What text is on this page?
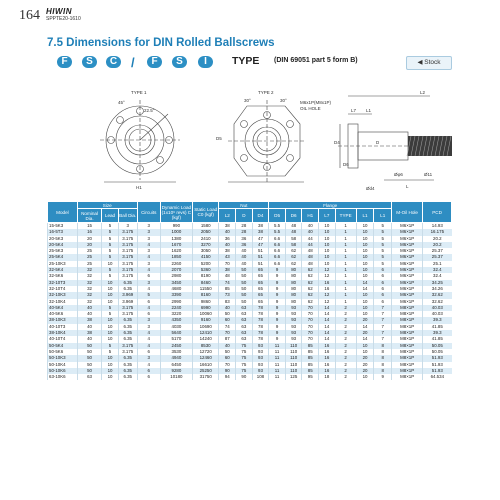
164 HIWIN
SPPTE20-1610
7.5 Dimensions for DIN Rolled Ballscrews
F	S	C /	F	S	I	TYPE (DIN 69051 part 5 form B)	◀ Stock
TYPE 1	TYPE 2
45°
22.5°
30°	30°	M6x1P(M8x1P)
OIL HOLE
L2
L7 L1
D4
D6
D5
L
H1
D
Ød4
Øφ6	Ø11
Model	Size			Circuits	Dynamic Load (1x10⁶ revs) C (kgf)	Static Load C0 (kgf)	Nut			Flange							M-Oil Hole	PCD
	Nominal Dia.	Lead	Ball Dia.				L2	D	D4	D5	D6	H1	L7	TYPE	L1	L1		
15-5K3	15	5	3	3	990	1580	38	28	38	5.5	48	40	10	1	10	5	M6×1P	14.93
16-5T3	16	5	3.175	3	1000	2050	40	28	38	5.5	48	40	10	1	10	5	M6×1P	16.175
20-5K3	20	5	3.175	3	1380	2410	36	36	47	6.6	58	44	10	1	10	5	M6×1P	20.2
20-5K4	20	5	3.175	4	1670	3270	40	36	47	6.6	58	44	10	1	10	5	M6×1P	20.2
25-5K3	25	5	3.175	3	1620	3050	38	40	51	6.6	62	48	10	1	10	5	M6×1P	25.37
25-5K4	25	5	3.175	4	1850	4150	43	40	51	6.6	62	48	10	1	10	5	M6×1P	25.37
25-10K3	25	10	3.175	3	2260	5200	70	40	51	6.6	62	48	10	1	10	5	M6×1P	25.1
32-5K4	32	5	3.175	4	2070	5360	38	50	65	9	80	62	12	1	10	6	M6×1P	32.4
32-5K6	32	5	3.175	6	2980	8190	48	50	65	9	80	62	12	1	10	6	M6×1P	32.4
32-10T3	32	10	6.35	3	3450	8460	74	50	65	9	80	62	16	1	14	6	M6×1P	34.25
32-10T4	32	10	6.35	4	4680	11550	85	50	65	9	80	62	16	1	14	6	M6×1P	34.26
32-10K3	32	10	3.969	5	3390	8160	73	50	65	9	80	62	12	1	10	6	M6×1P	32.62
32-10K4	32	10	3.969	6	2990	9860	83	50	65	9	80	62	12	1	10	6	M6×1P	32.62
40-5K4	40	5	3.175	4	2240	6990	40	63	78	9	93	70	14	2	10	7	M8×1P	40.03
40-5K6	40	5	3.175	6	3220	10060	50	63	78	9	93	70	14	2	10	7	M8×1P	40.03
38-10K3	38	10	6.35	3	4350	9160	60	63	78	9	93	70	14	2	20	7	M8×1P	39.3
40-10T3	40	10	6.35	3	4030	10690	74	63	78	9	93	70	14	2	14	7	M8×1P	41.85
38-10K4	38	10	6.35	4	5640	12410	70	63	78	9	93	70	14	2	20	7	M8×1P	39.3
40-10T4	40	10	6.35	4	5170	14240	87	63	78	9	93	70	14	2	14	7	M8×1P	41.85
50-5K4	50	5	3.175	4	2450	8530	40	75	93	11	110	85	16	2	10	8	M8×1P	50.05
50-5K6	50	5	3.175	6	3530	12720	50	75	93	11	110	85	16	2	10	8	M8×1P	50.05
50-10K3	50	10	6.35	3	4940	12460	60	75	93	11	110	85	16	2	20	8	M8×1P	51.93
50-10K4	50	10	6.35	4	6450	16610	70	75	93	11	110	85	16	2	20	8	M8×1P	51.93
50-10K6	50	10	6.35	6	9280	25250	90	75	93	11	110	85	16	2	20	8	M8×1P	51.93
63-10K6	63	10	6.35	6	10180	31750	94	90	108	11	125	95	18	2	10	9	M8×1P	64.534
